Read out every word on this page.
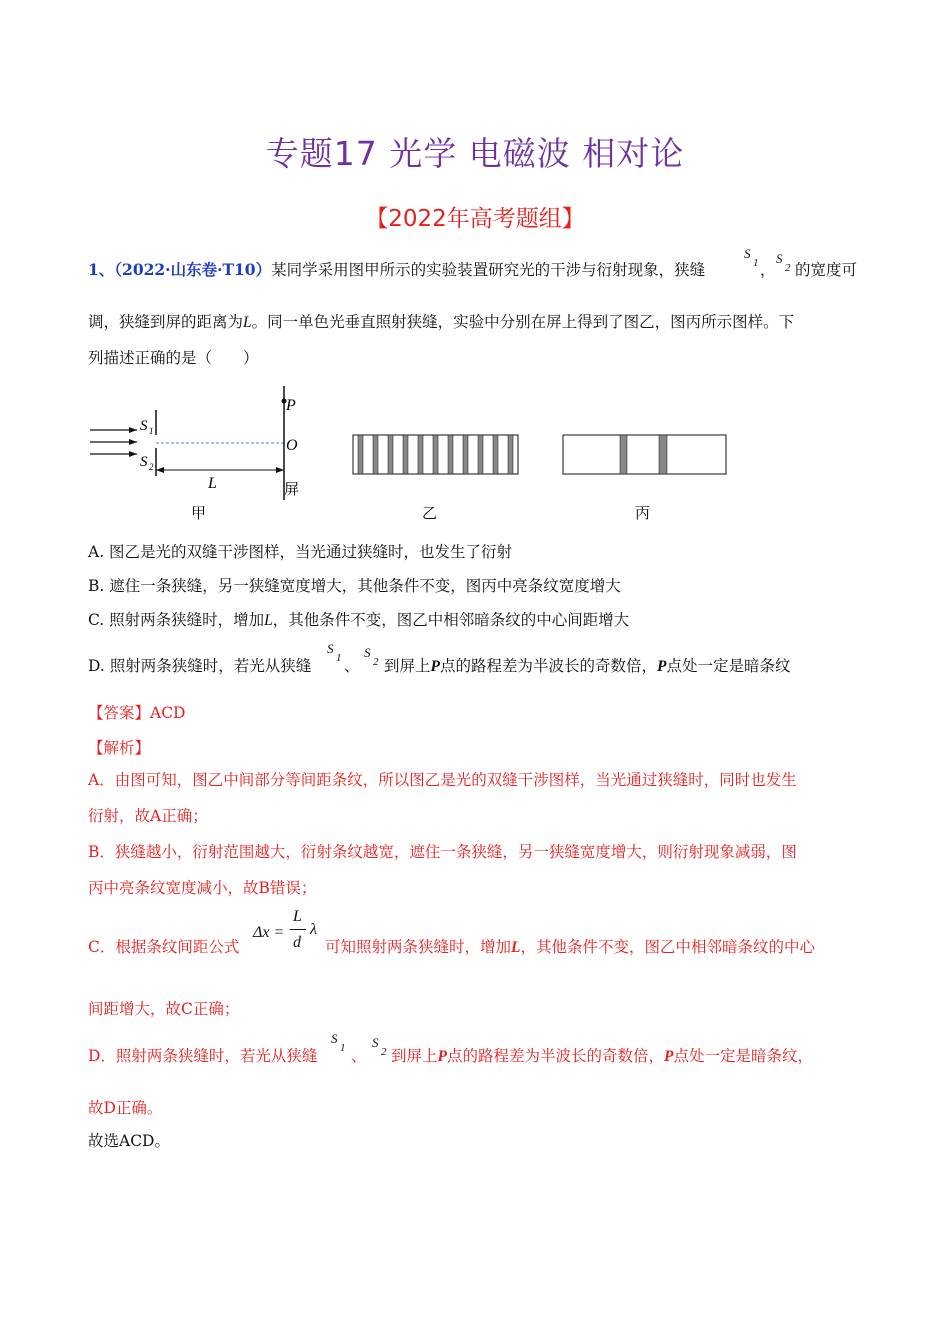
专题17 光学 电磁波 相对论
【2022年高考题组】
1、（2022·山东卷·T10）某同学采用图甲所示的实验装置研究光的干涉与衍射现象，狭缝
S
1 ，
S
2 的宽度可
调，狭缝到屏的距离为L。同一单色光垂直照射狭缝，实验中分别在屏上得到了图乙，图丙所示图样。下
列描述正确的是（　　）
P
O
S 1
S 2
L	屏
甲	乙	丙
A. 图乙是光的双缝干涉图样，当光通过狭缝时，也发生了衍射
B. 遮住一条狭缝，另一狭缝宽度增大，其他条件不变，图丙中亮条纹宽度增大
C. 照射两条狭缝时，增加L，其他条件不变，图乙中相邻暗条纹的中心间距增大
D. 照射两条狭缝时，若光从狭缝
S
1 、
S
2 到屏上P点的路程差为半波长的奇数倍，P点处一定是暗条纹
【答案】ACD
【解析】
A．由图可知，图乙中间部分等间距条纹，所以图乙是光的双缝干涉图样，当光通过狭缝时，同时也发生
衍射，故A正确；
B．狭缝越小，衍射范围越大，衍射条纹越宽，遮住一条狭缝，另一狭缝宽度增大，则衍射现象减弱，图
丙中亮条纹宽度减小，故B错误；
C．根据条纹间距公式
Δx =
L
d
λ
可知照射两条狭缝时，增加L，其他条件不变，图乙中相邻暗条纹的中心
间距增大，故C正确；
D．照射两条狭缝时，若光从狭缝
S
1 、
S
2 到屏上P点的路程差为半波长的奇数倍，P点处一定是暗条纹，
故D正确。
故选ACD。
